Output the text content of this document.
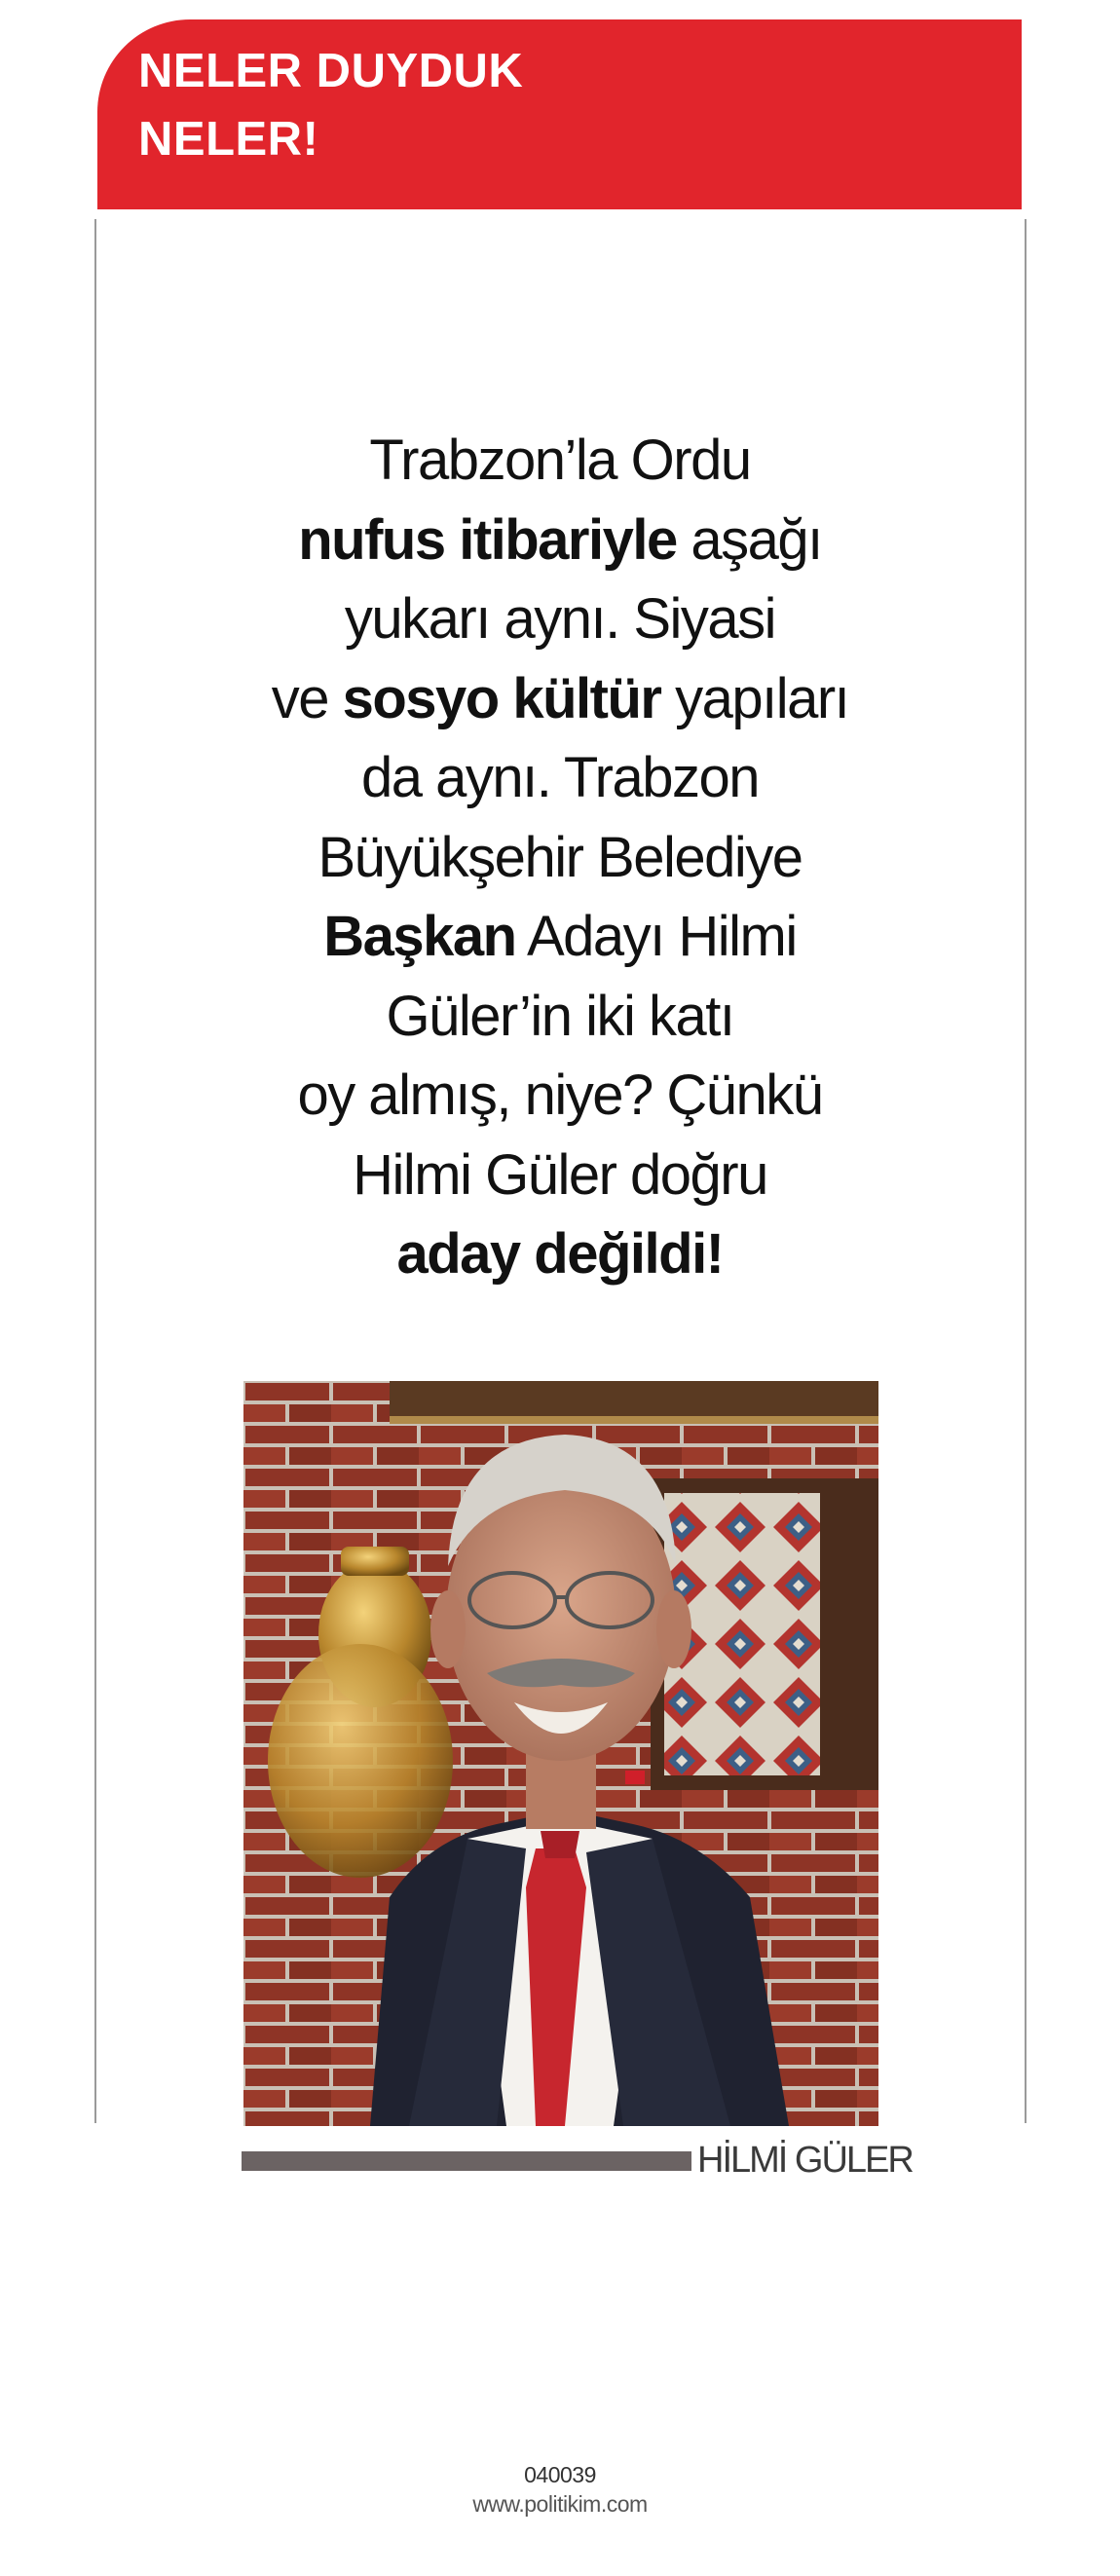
NELER DUYDUK
NELER!

Trabzon’la Ordu
nufus itibariyle aşağı
yukarı aynı. Siyasi
ve sosyo kültür yapıları
da aynı. Trabzon
Büyükşehir Belediye
Başkan Adayı Hilmi
Güler’in iki katı
oy almış, niye? Çünkü
Hilmi Güler doğru
aday değildi!

HİLMİ GÜLER
040039
www.politikim.com
